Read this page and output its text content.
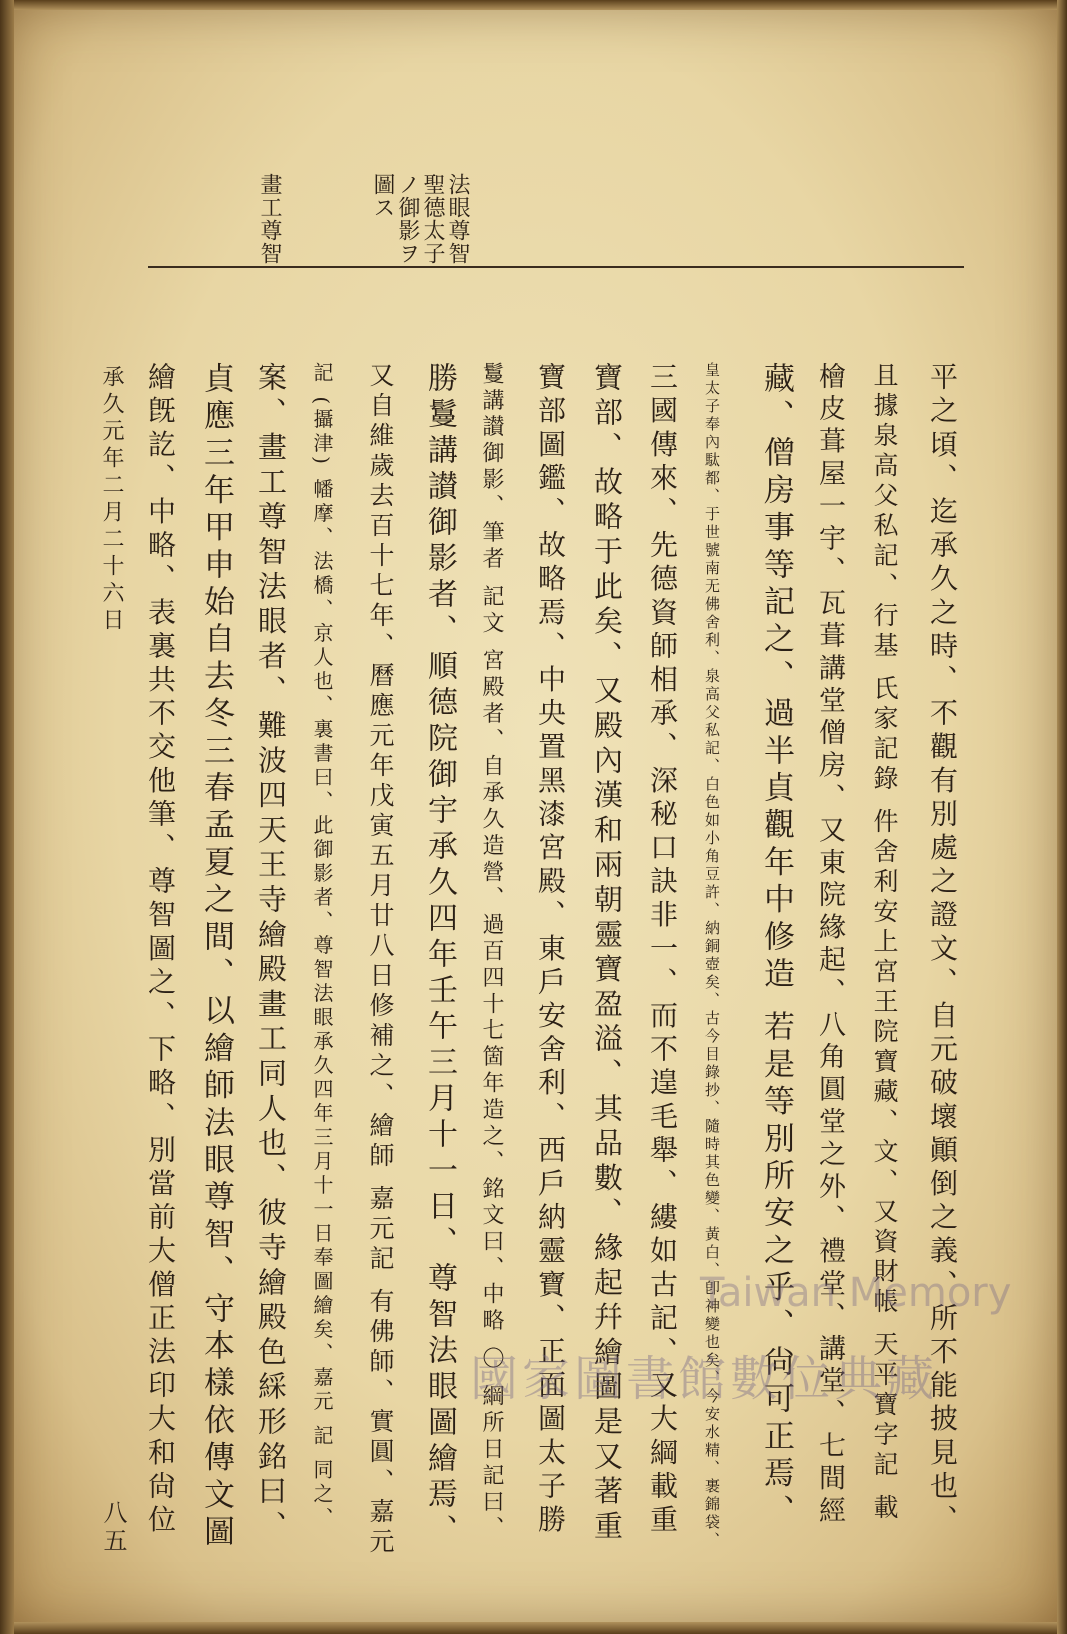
法眼尊智
聖德太子
ノ御影ヲ
圖ス
畫工尊智
平之頃、迄承久之時、不觀有別處之證文、自元破壞顚倒之義、所不能披見也、
且據泉高父私記、行基 氏家記錄 件舍利安上宮王院寶藏、文、又資財帳 天平寶字記 載
檜皮葺屋一宇、瓦葺講堂僧房、又東院緣起、八角圓堂之外、禮堂、講堂、七間經
藏、僧房事等記之、過半貞觀年中修造 若是等別所安之乎、尙可正焉、
皇太子奉內駄都、于世號南无佛舍利、泉高父私記、白色如小角豆許、納銅壺矣、古今目錄抄、隨時其色變、黃白、卽神變也矣、今安水精、裹錦袋、
三國傳來、先德資師相承、深秘口訣非一、而不遑毛舉、縷如古記、又大綱載重
寶部、故略于此矣、又殿內漢和兩朝靈寶盈溢、其品數、緣起幷繪圖是又著重
寶部圖鑑、故略焉、中央置黑漆宮殿、東戶安舍利、西戶納靈寶、正面圖太子勝
鬘講讃御影、筆者 記文 宮殿者、自承久造營、過百四十七箇年造之、銘文曰、中略 〇 綱所日記曰、
勝鬘講讃御影者、順德院御宇承久四年壬午三月十一日、尊智法眼圖繪焉、
又自維歲去百十七年、曆應元年戊寅五月廿八日修補之、繪師 嘉元記 有佛師、實圓、嘉元
記 (攝津) 幡摩、法橋、京人也、裏書曰、此御影者、尊智法眼承久四年三月十一日奉圖繪矣、嘉元 記 同之、
案、畫工尊智法眼者、難波四天王寺繪殿畫工同人也、彼寺繪殿色綵形銘曰、
貞應三年甲申始自去冬三春孟夏之間、以繪師法眼尊智、守本樣依傳文圖
繪旣訖、中略、表裏共不交他筆、尊智圖之、下略、別當前大僧正法印大和尙位
承久元年二月二十六日
八五
Taiwan Memory
國家圖書館數位典藏
